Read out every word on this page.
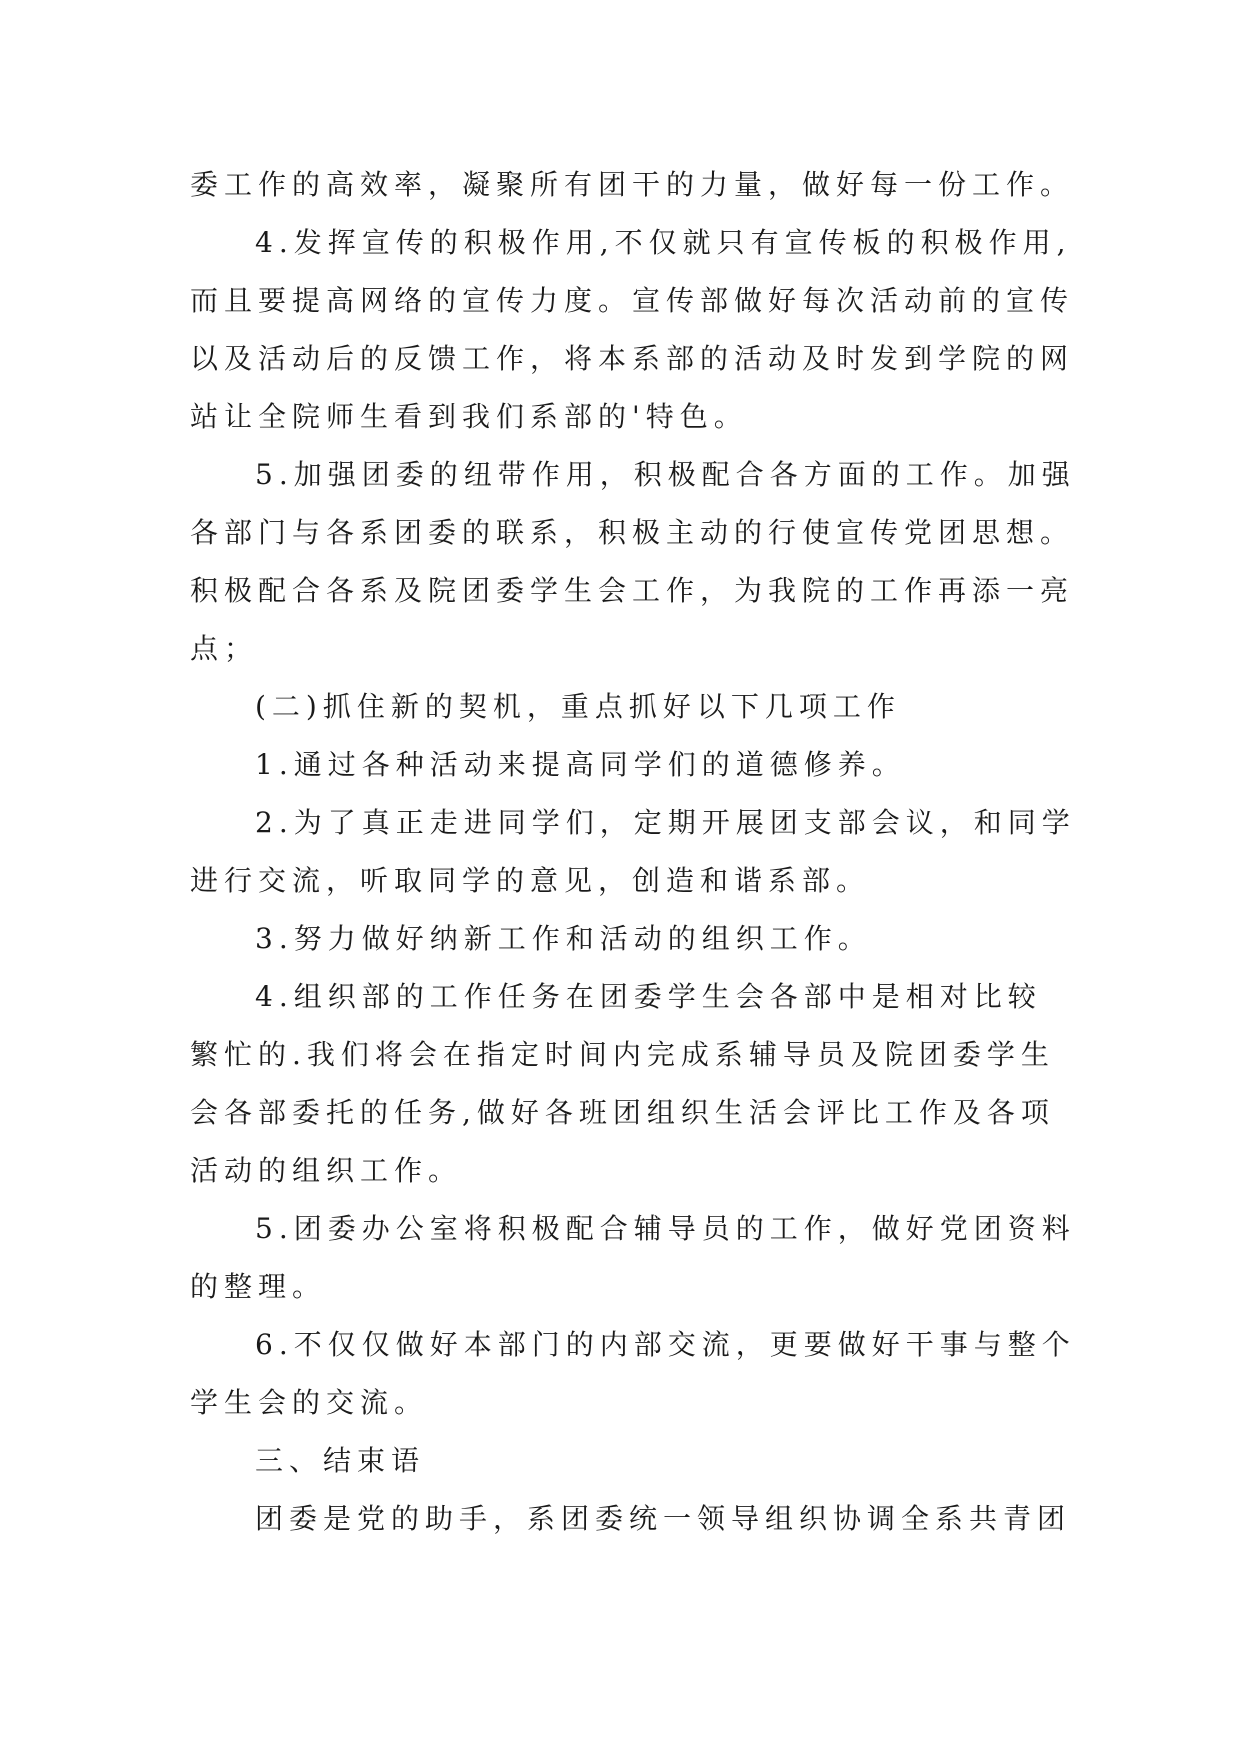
委工作的高效率，凝聚所有团干的力量，做好每一份工作。

4.发挥宣传的积极作用,不仅就只有宣传板的积极作用,

而且要提高网络的宣传力度。宣传部做好每次活动前的宣传

以及活动后的反馈工作，将本系部的活动及时发到学院的网

站让全院师生看到我们系部的'特色。

5.加强团委的纽带作用，积极配合各方面的工作。加强

各部门与各系团委的联系，积极主动的行使宣传党团思想。

积极配合各系及院团委学生会工作，为我院的工作再添一亮

点；

(二)抓住新的契机，重点抓好以下几项工作

1.通过各种活动来提高同学们的道德修养。

2.为了真正走进同学们，定期开展团支部会议，和同学

进行交流，听取同学的意见，创造和谐系部。

3.努力做好纳新工作和活动的组织工作。

4.组织部的工作任务在团委学生会各部中是相对比较

繁忙的.我们将会在指定时间内完成系辅导员及院团委学生

会各部委托的任务,做好各班团组织生活会评比工作及各项

活动的组织工作。

5.团委办公室将积极配合辅导员的工作，做好党团资料

的整理。

6.不仅仅做好本部门的内部交流，更要做好干事与整个

学生会的交流。

三、结束语

团委是党的助手，系团委统一领导组织协调全系共青团
